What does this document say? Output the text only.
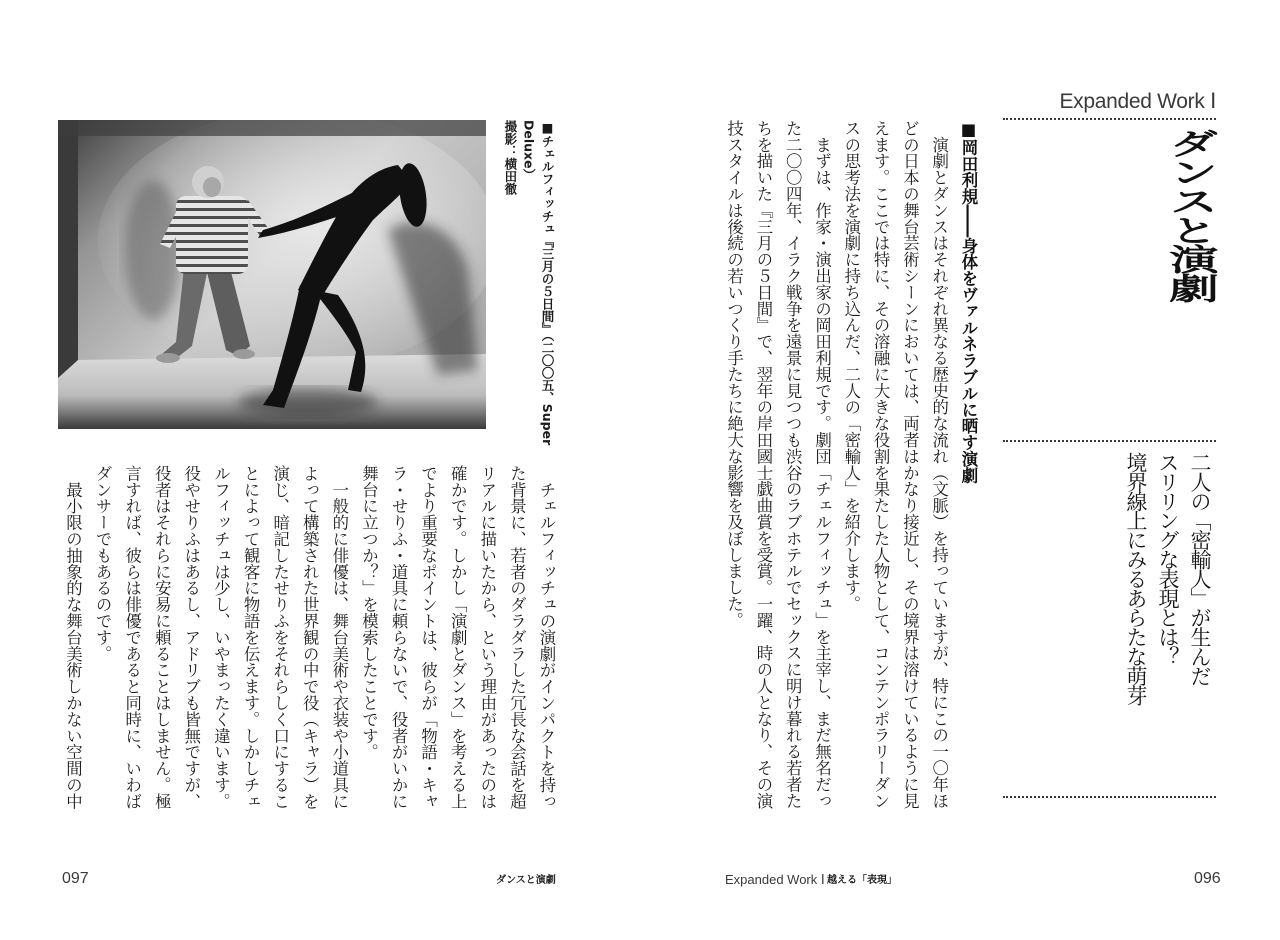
Expanded Work Ⅰ
ダンスと演劇
二人の「密輸人」が生んだ
スリリングな表現とは？
境界線上にみるあらたな萌芽
■岡田利規――身体をヴァルネラブルに晒す演劇
　演劇とダンスはそれぞれ異なる歴史的な流れ（文脈）を持っていますが、特にこの一〇年ほ
どの日本の舞台芸術シーンにおいては、両者はかなり接近し、その境界は溶けているように見
えます。ここでは特に、その溶融に大きな役割を果たした人物として、コンテンポラリーダン
スの思考法を演劇に持ち込んだ、二人の「密輸人」を紹介します。
　まずは、作家・演出家の岡田利規です。劇団「チェルフィッチュ」を主宰し、まだ無名だっ
た二〇〇四年、イラク戦争を遠景に見つつも渋谷のラブホテルでセックスに明け暮れる若者た
ちを描いた『三月の５日間』で、翌年の岸田國士戯曲賞を受賞。一躍、時の人となり、その演
技スタイルは後続の若いつくり手たちに絶大な影響を及ぼしました。
Expanded Work Ⅰ 越える「表現」	096
■チェルフィッチュ『三月の５日間』（二〇〇五、Super
Deluxe）
撮影：横田徹
　チェルフィッチュの演劇がインパクトを持っ
た背景に、若者のダラダラした冗長な会話を超
リアルに描いたから、という理由があったのは
確かです。しかし「演劇とダンス」を考える上
でより重要なポイントは、彼らが「物語・キャ
ラ・せりふ・道具に頼らないで、役者がいかに
舞台に立つか？」を模索したことです。
　一般的に俳優は、舞台美術や衣装や小道具に
よって構築された世界観の中で役（キャラ）を
演じ、暗記したせりふをそれらしく口にするこ
とによって観客に物語を伝えます。しかしチェ
ルフィッチュは少し、いやまったく違います。
役やせりふはあるし、アドリブも皆無ですが、
役者はそれらに安易に頼ることはしません。極
言すれば、彼らは俳優であると同時に、いわば
ダンサーでもあるのです。
　最小限の抽象的な舞台美術しかない空間の中
097	ダンスと演劇
